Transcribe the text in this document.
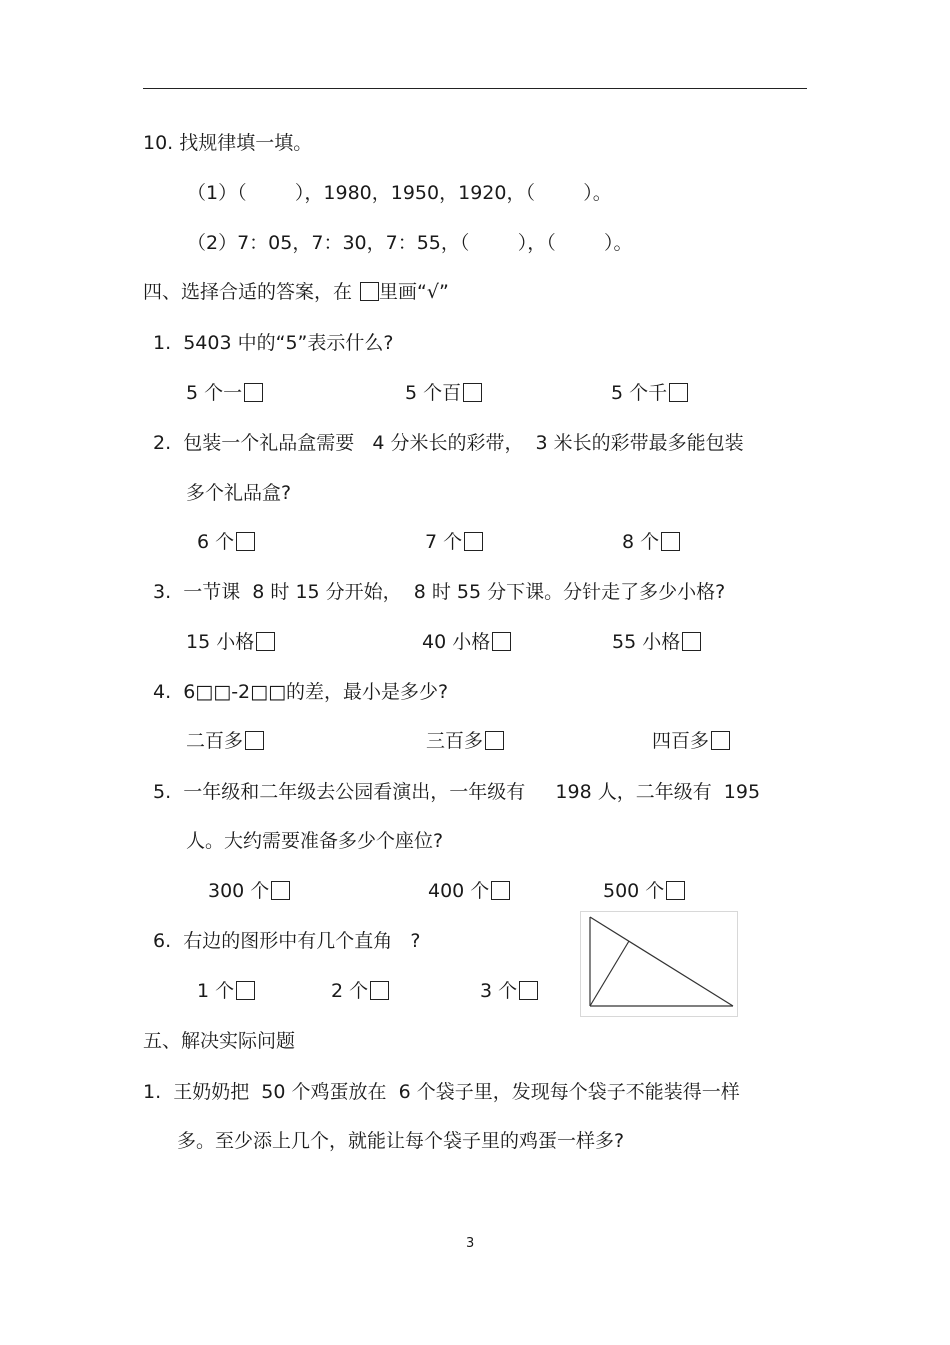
10. 找规律填一填。
（1）（        ），1980，1950，1920，（        ）。
（2）7：05，7：30，7：55，（        ），（        ）。
四、选择合适的答案，在 里画“√”
1.  5403 中的“5”表示什么?
5 个一	5 个百	5 个千
2.  包装一个礼品盒需要   4 分米长的彩带，  3 米长的彩带最多能包装
多个礼品盒?
6 个	7 个	8 个
3.  一节课  8 时 15 分开始，  8 时 55 分下课。分针走了多少小格?
15 小格	40 小格	55 小格
4.  6□□-2□□的差，最小是多少?
二百多	三百多	四百多
5.  一年级和二年级去公园看演出，一年级有     198 人，二年级有  195
人。大约需要准备多少个座位?
300 个	400 个	500 个
6.  右边的图形中有几个直角   ?
1 个	2 个	3 个
五、解决实际问题
1.  王奶奶把  50 个鸡蛋放在  6 个袋子里，发现每个袋子不能装得一样
多。至少添上几个，就能让每个袋子里的鸡蛋一样多?
3
